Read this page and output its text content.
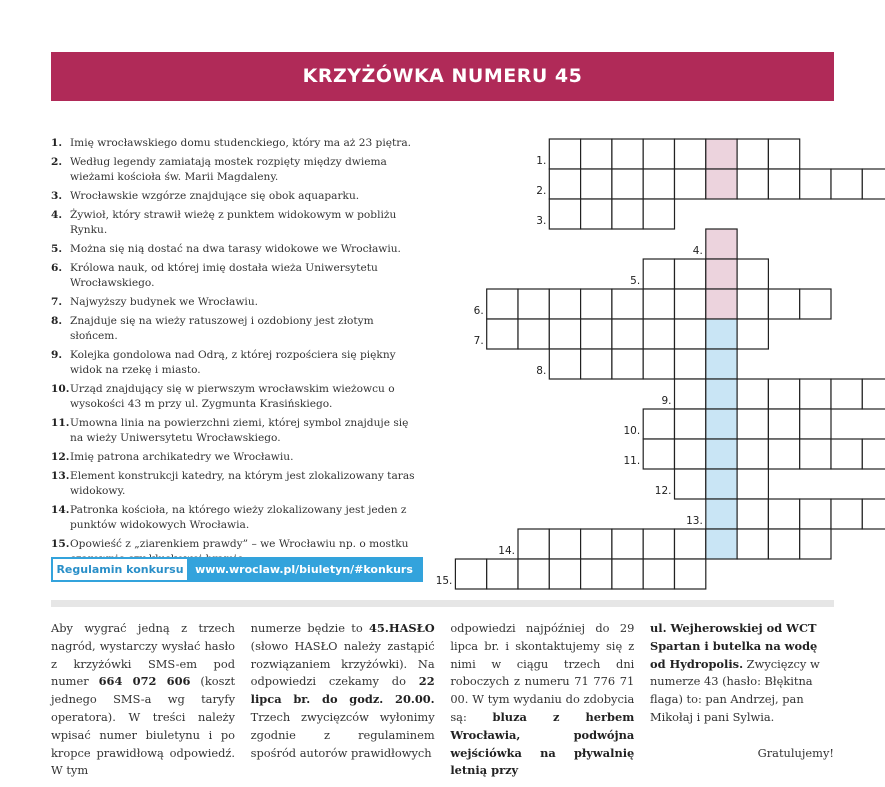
KRZYŻÓWKA NUMERU 45
1. Imię wrocławskiego domu studenckiego, który ma aż 23 piętra.
2. Według legendy zamiatają mostek rozpięty między dwiema wieżami kościoła św. Marii Magdaleny.
3. Wrocławskie wzgórze znajdujące się obok aquaparku.
4. Żywioł, który strawił wieżę z punktem widokowym w pobliżu Rynku.
5. Można się nią dostać na dwa tarasy widokowe we Wrocławiu.
6. Królowa nauk, od której imię dostała wieża Uniwersytetu Wrocławskiego.
7. Najwyższy budynek we Wrocławiu.
8. Znajduje się na wieży ratuszowej i ozdobiony jest złotym słońcem.
9. Kolejka gondolowa nad Odrą, z której rozpościera się piękny widok na rzekę i miasto.
10. Urząd znajdujący się w pierwszym wrocławskim wieżowcu o wysokości 43 m przy ul. Zygmunta Krasińskiego.
11. Umowna linia na powierzchni ziemi, której symbol znajduje się na wieży Uniwersytetu Wrocławskiego.
12. Imię patrona archikatedry we Wrocławiu.
13. Element konstrukcji katedry, na którym jest zlokalizowany taras widokowy.
14. Patronka kościoła, na którego wieży zlokalizowany jest jeden z punktów widokowych Wrocławia.
15. Opowieść z „ziarenkiem prawdy” – we Wrocławiu np. o mostku
Regulamin konkursu	www.wroclaw.pl/biuletyn/#konkurs
1.
2.
3.
4.
5.
6.
7.
8.
9.
10.
11.
12.
13.
14.
15.
Aby wygrać jedną z trzech nagród, wystarczy wysłać hasło z krzyżówki SMS-em pod numer 664 072 606 (koszt jednego SMS-a wg taryfy operatora). W treści należy wpisać numer biuletynu i po kropce prawidłową odpowiedź. W tym
numerze będzie to 45.HASŁO (słowo HASŁO należy zastąpić rozwiązaniem krzyżówki). Na odpowiedzi czekamy do 22 lipca br. do godz. 20.00. Trzech zwycięzców wyłonimy zgodnie z regulaminem spośród autorów prawidłowych
odpowiedzi najpóźniej do 29 lipca br. i skontaktujemy się z nimi w ciągu trzech dni roboczych z numeru 71 776 71 00. W tym wydaniu do zdobycia są: bluza z herbem Wrocławia, podwójna wejściówka na pływalnię letnią przy
ul. Wejherowskiej od WCT Spartan i butelka na wodę od Hydropolis. Zwycięzcy w numerze 43 (hasło: Błękitna flaga) to: pan Andrzej, pan Mikołaj i pani Sylwia.
Gratulujemy!
